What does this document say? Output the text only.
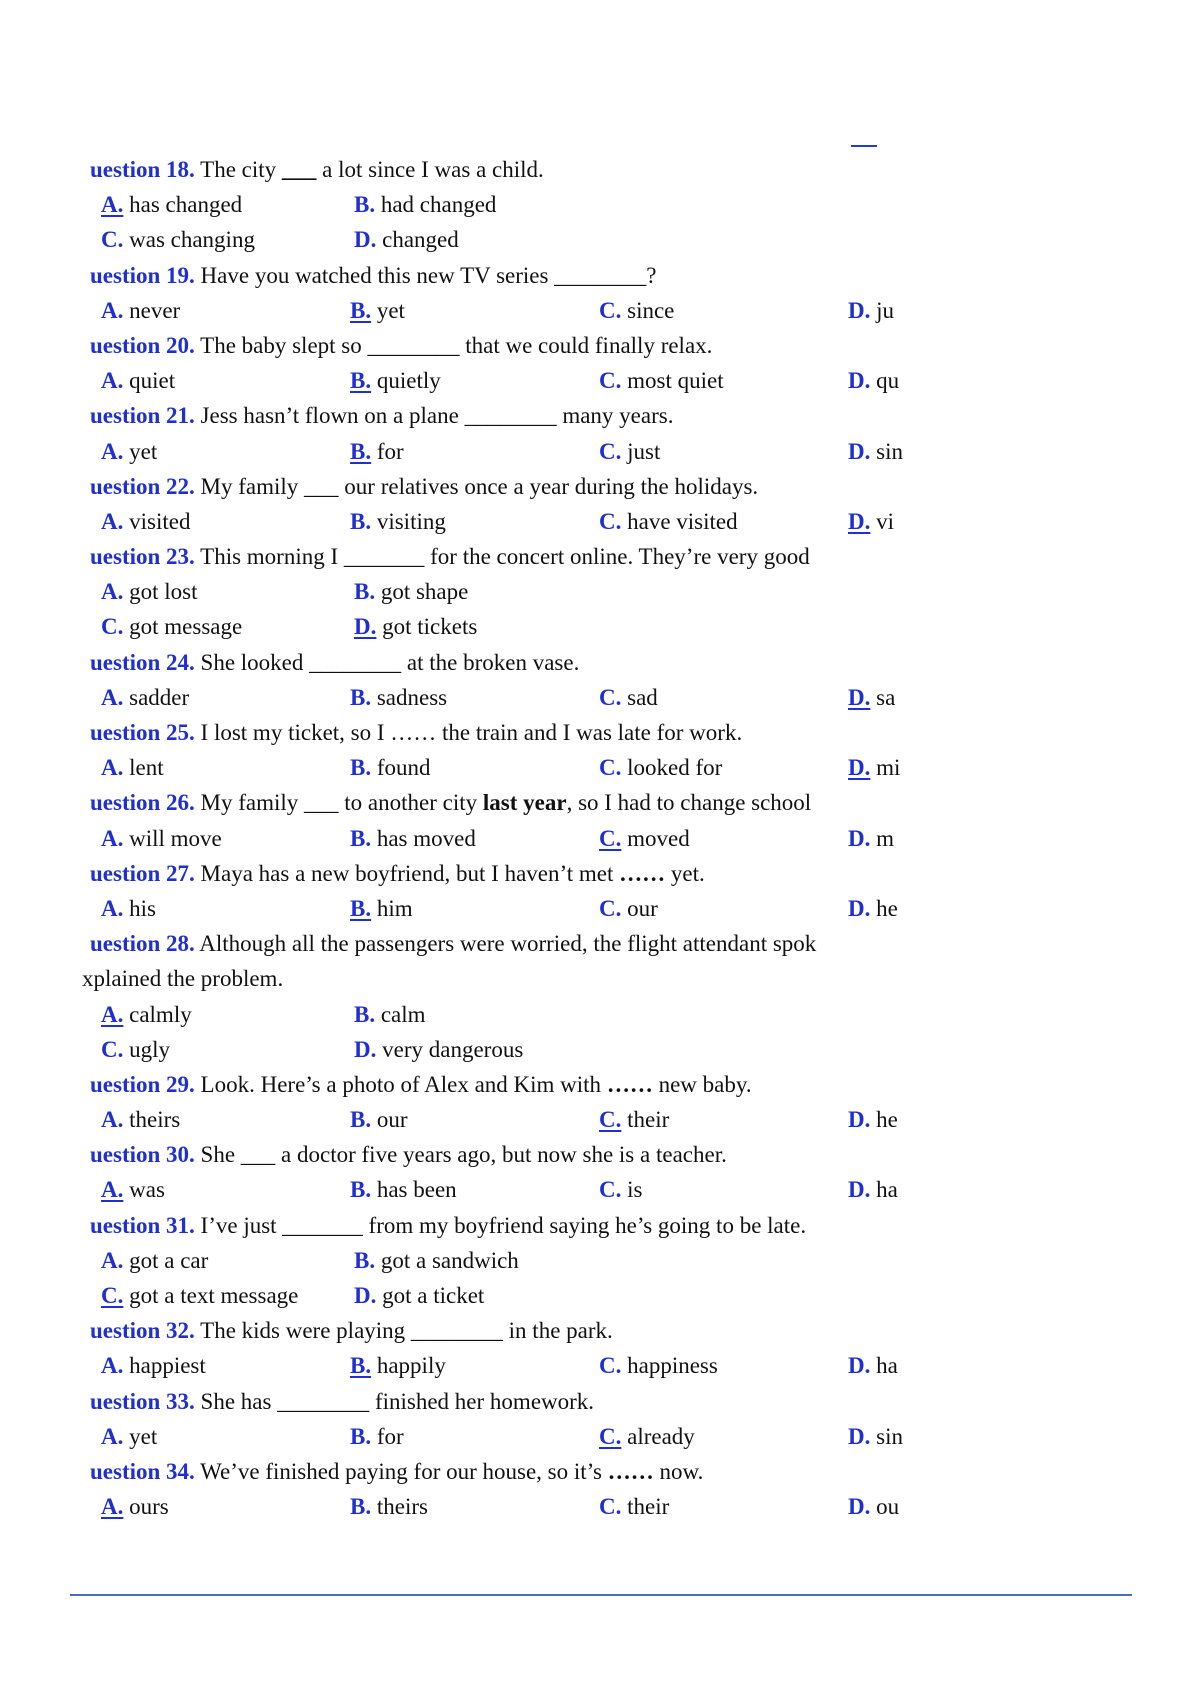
uestion 18. The city ___ a lot since I was a child.
A. has changed	B. had changed
C. was changing	D. changed
uestion 19. Have you watched this new TV series ________?
A. never	B. yet	C. since	D. ju
uestion 20. The baby slept so ________ that we could finally relax.
A. quiet	B. quietly	C. most quiet	D. qu
uestion 21. Jess hasn’t flown on a plane ________ many years.
A. yet	B. for	C. just	D. sin
uestion 22. My family ___ our relatives once a year during the holidays.
A. visited	B. visiting	C. have visited	D. vi
uestion 23. This morning I _______ for the concert online. They’re very good
A. got lost	B. got shape
C. got message	D. got tickets
uestion 24. She looked ________ at the broken vase.
A. sadder	B. sadness	C. sad	D. sa
uestion 25. I lost my ticket, so I …… the train and I was late for work.
A. lent	B. found	C. looked for	D. mi
uestion 26. My family ___ to another city last year, so I had to change school
A. will move	B. has moved	C. moved	D. m
uestion 27. Maya has a new boyfriend, but I haven’t met …… yet.
A. his	B. him	C. our	D. he
uestion 28. Although all the passengers were worried, the flight attendant spok
xplained the problem.
A. calmly	B. calm
C. ugly	D. very dangerous
uestion 29. Look. Here’s a photo of Alex and Kim with …… new baby.
A. theirs	B. our	C. their	D. he
uestion 30. She ___ a doctor five years ago, but now she is a teacher.
A. was	B. has been	C. is	D. ha
uestion 31. I’ve just _______ from my boyfriend saying he’s going to be late.
A. got a car	B. got a sandwich
C. got a text message D. got a ticket
uestion 32. The kids were playing ________ in the park.
A. happiest	B. happily	C. happiness	D. ha
uestion 33. She has ________ finished her homework.
A. yet	B. for	C. already	D. sin
uestion 34. We’ve finished paying for our house, so it’s …… now.
A. ours	B. theirs	C. their	D. ou
